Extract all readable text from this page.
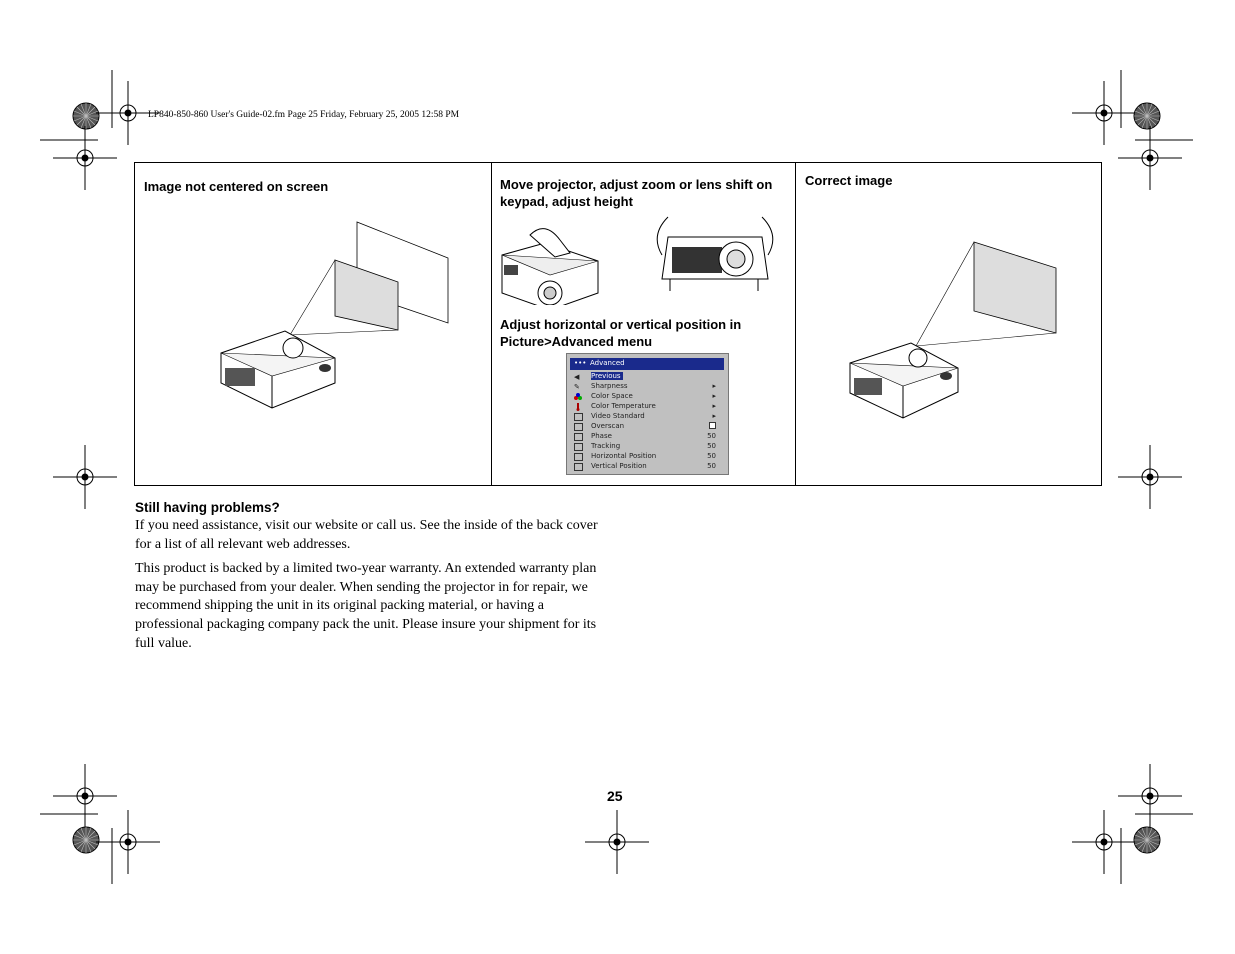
LP840-850-860 User's Guide-02.fm Page 25 Friday, February 25, 2005 12:58 PM
Image not centered on screen	Move projector, adjust zoom or lens shift on keypad, adjust height
Adjust horizontal or vertical position in Picture>Advanced menu

Correct image
••• Advanced
◀	Previous
✎	Sharpness	▸
Color Space	▸
Color Temperature	▸
Video Standard	▸
Overscan
Phase	50
Tracking	50
Horizontal Position	50
Vertical Position	50
Still having problems?
If you need assistance, visit our website or call us. See the inside of the back cover for a list of all relevant web addresses.
This product is backed by a limited two-year warranty. An extended warranty plan may be purchased from your dealer. When sending the projector in for repair, we recommend shipping the unit in its original packing material, or having a professional packaging company pack the unit. Please insure your shipment for its full value.
25
